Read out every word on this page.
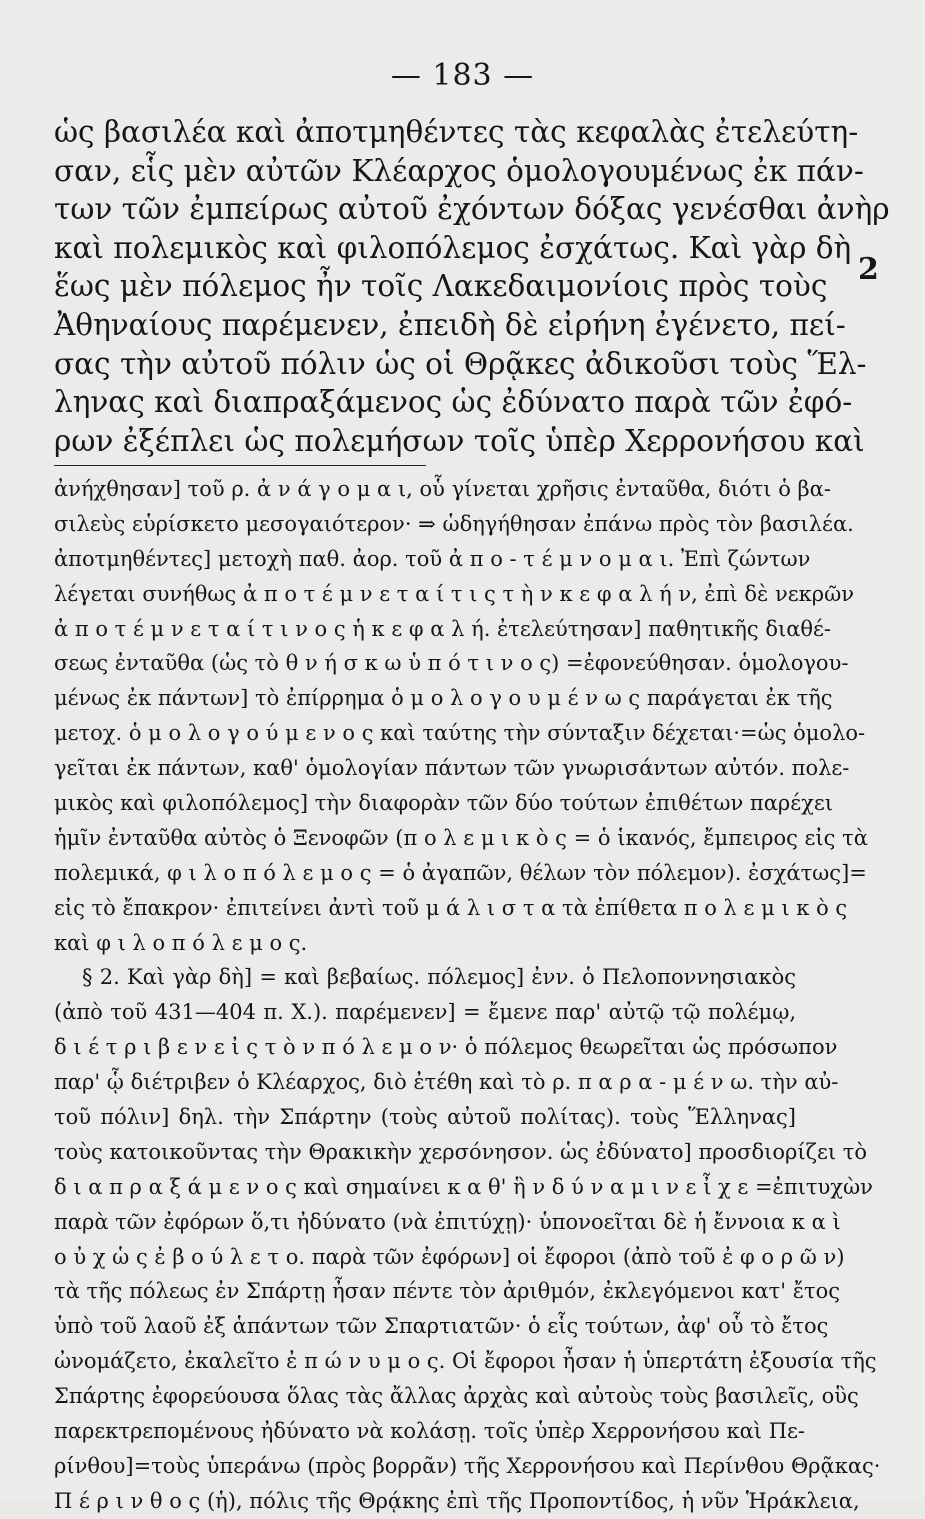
— 183 —
2
ὡς βασιλέα καὶ ἀποτμηθέντες τὰς κεφαλὰς ἐτελεύτη-
σαν, εἷς μὲν αὐτῶν Κλέαρχος ὁμολογουμένως ἐκ πάν-
των τῶν ἐμπείρως αὐτοῦ ἐχόντων δόξας γενέσθαι ἀνὴρ
καὶ πολεμικὸς καὶ φιλοπόλεμος ἐσχάτως. Καὶ γὰρ δὴ
ἕως μὲν πόλεμος ἦν τοῖς Λακεδαιμονίοις πρὸς τοὺς
Ἀθηναίους παρέμενεν, ἐπειδὴ δὲ εἰρήνη ἐγένετο, πεί-
σας τὴν αὐτοῦ πόλιν ὡς οἱ Θρᾷκες ἀδικοῦσι τοὺς Ἕλ-
ληνας καὶ διαπραξάμενος ὡς ἐδύνατο παρὰ τῶν ἐφό-
ρων ἐξέπλει ὡς πολεμήσων τοῖς ὑπὲρ Χερρονήσου καὶ
ἀνήχθησαν] τοῦ ρ. ἀ ν ά γ ο μ α ι, οὗ γίνεται χρῆσις ἐνταῦθα, διότι ὁ βα-
σιλεὺς εὑρίσκετο μεσογαιότερον· ⇒ ὡδηγήθησαν ἐπάνω πρὸς τὸν βασιλέα.
ἀποτμηθέντες] μετοχὴ παθ. ἀορ. τοῦ ἀ π ο - τ έ μ ν ο μ α ι. Ἐπὶ ζώντων
λέγεται συνήθως ἀ π ο τ έ μ ν ε τ α ί τ ι ς τ ὴ ν κ ε φ α λ ή ν, ἐπὶ δὲ νεκρῶν
ἀ π ο τ έ μ ν ε τ α ί τ ι ν ο ς ἡ κ ε φ α λ ή. ἐτελεύτησαν] παθητικῆς διαθέ-
σεως ἐνταῦθα (ὡς τὸ θ ν ή σ κ ω ὑ π ό τ ι ν ο ς) =ἐφονεύθησαν. ὁμολογου-
μένως ἐκ πάντων] τὸ ἐπίρρημα ὁ μ ο λ ο γ ο υ μ έ ν ω ς παράγεται ἐκ τῆς
μετοχ. ὁ μ ο λ ο γ ο ύ μ ε ν ο ς καὶ ταύτης τὴν σύνταξιν δέχεται·=ὡς ὁμολο-
γεῖται ἐκ πάντων, καθ' ὁμολογίαν πάντων τῶν γνωρισάντων αὐτόν. πολε-
μικὸς καὶ φιλοπόλεμος] τὴν διαφορὰν τῶν δύο τούτων ἐπιθέτων παρέχει
ἡμῖν ἐνταῦθα αὐτὸς ὁ Ξενοφῶν (π ο λ ε μ ι κ ὸ ς = ὁ ἱκανός, ἔμπειρος εἰς τὰ
πολεμικά, φ ι λ ο π ό λ ε μ ο ς = ὁ ἀγαπῶν, θέλων τὸν πόλεμον). ἐσχάτως]=
εἰς τὸ ἔπακρον· ἐπιτείνει ἀντὶ τοῦ μ ά λ ι σ τ α τὰ ἐπίθετα π ο λ ε μ ι κ ὸ ς
καὶ φ ι λ ο π ό λ ε μ ο ς.
§ 2. Καὶ γὰρ δὴ] = καὶ βεβαίως. πόλεμος] ἐνν. ὁ Πελοποννησιακὸς
(ἀπὸ τοῦ 431—404 π. Χ.). παρέμενεν] = ἔμενε παρ' αὐτῷ τῷ πολέμῳ,
δ ι έ τ ρ ι β ε ν ε ἰ ς τ ὸ ν π ό λ ε μ ο ν· ὁ πόλεμος θεωρεῖται ὡς πρόσωπον
παρ' ᾧ διέτριβεν ὁ Κλέαρχος, διὸ ἐτέθη καὶ τὸ ρ. π α ρ α - μ έ ν ω. τὴν αὐ-
τοῦ πόλιν] δηλ. τὴν Σπάρτην (τοὺς αὐτοῦ πολίτας). τοὺς Ἕλληνας]
τοὺς κατοικοῦντας τὴν Θρακικὴν χερσόνησον. ὡς ἐδύνατο] προσδιορίζει τὸ
δ ι α π ρ α ξ ά μ ε ν ο ς καὶ σημαίνει κ α θ' ἣ ν δ ύ ν α μ ι ν ε ἶ χ ε =ἐπιτυχὼν
παρὰ τῶν ἐφόρων ὅ,τι ἠδύνατο (νὰ ἐπιτύχῃ)· ὑπονοεῖται δὲ ἡ ἔννοια κ α ὶ
ο ὐ χ ὡ ς ἐ β ο ύ λ ε τ ο. παρὰ τῶν ἐφόρων] οἱ ἔφοροι (ἀπὸ τοῦ ἐ φ ο ρ ῶ ν)
τὰ τῆς πόλεως ἐν Σπάρτῃ ἦσαν πέντε τὸν ἀριθμόν, ἐκλεγόμενοι κατ' ἔτος
ὑπὸ τοῦ λαοῦ ἐξ ἁπάντων τῶν Σπαρτιατῶν· ὁ εἷς τούτων, ἀφ' οὗ τὸ ἔτος
ὠνομάζετο, ἐκαλεῖτο ἐ π ώ ν υ μ ο ς. Οἱ ἔφοροι ἦσαν ἡ ὑπερτάτη ἐξουσία τῆς
Σπάρτης ἐφορεύουσα ὅλας τὰς ἄλλας ἀρχὰς καὶ αὐτοὺς τοὺς βασιλεῖς, οὓς
παρεκτρεπομένους ἠδύνατο νὰ κολάσῃ. τοῖς ὑπὲρ Χερρονήσου καὶ Πε-
ρίνθου]=τοὺς ὑπεράνω (πρὸς βορρᾶν) τῆς Χερρονήσου καὶ Περίνθου Θρᾷκας·
Π έ ρ ι ν θ ο ς (ἡ), πόλις τῆς Θρᾴκης ἐπὶ τῆς Προποντίδος, ἡ νῦν Ἡράκλεια,
